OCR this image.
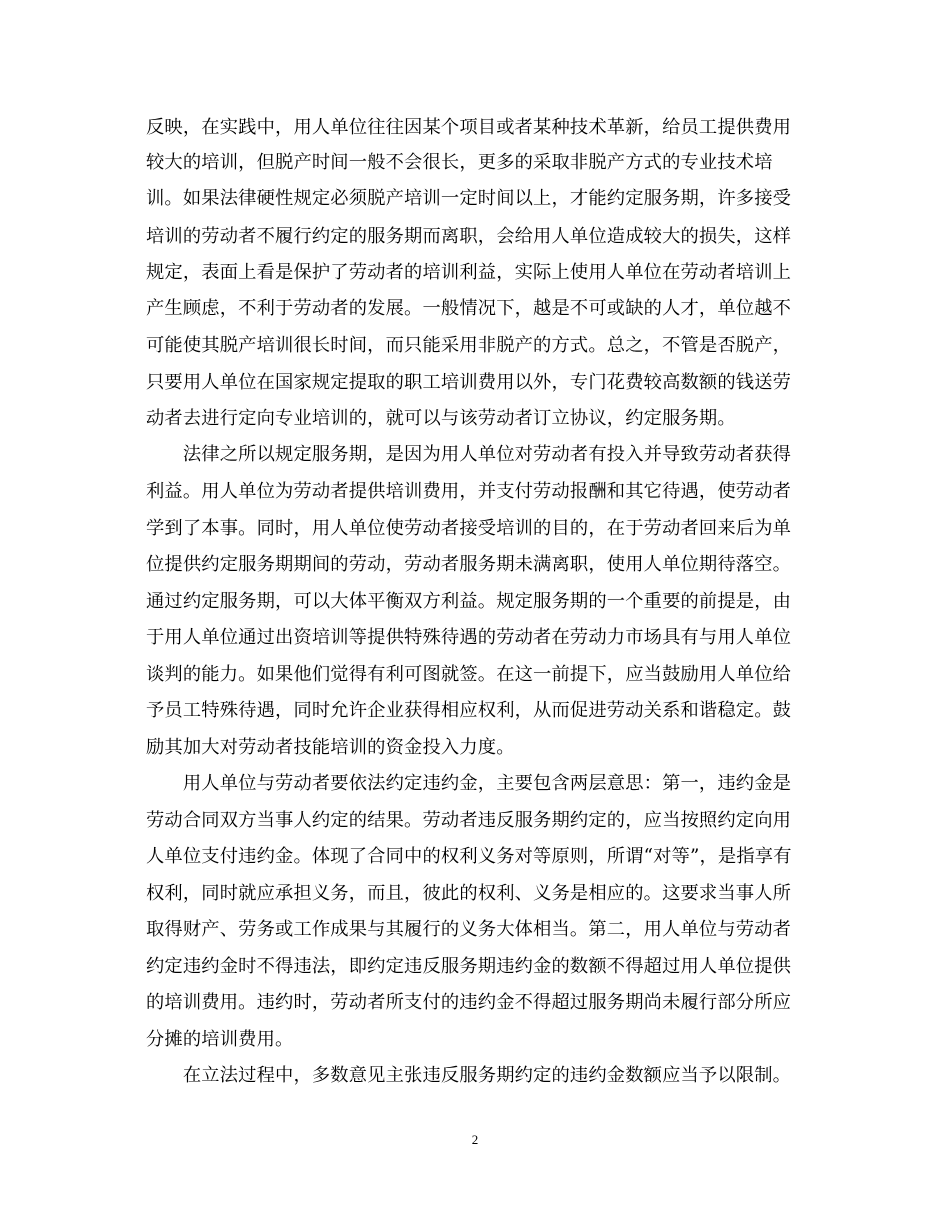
反映，在实践中，用人单位往往因某个项目或者某种技术革新，给员工提供费用
较大的培训，但脱产时间一般不会很长，更多的采取非脱产方式的专业技术培
训。如果法律硬性规定必须脱产培训一定时间以上，才能约定服务期，许多接受
培训的劳动者不履行约定的服务期而离职，会给用人单位造成较大的损失，这样
规定，表面上看是保护了劳动者的培训利益，实际上使用人单位在劳动者培训上
产生顾虑，不利于劳动者的发展。一般情况下，越是不可或缺的人才，单位越不
可能使其脱产培训很长时间，而只能采用非脱产的方式。总之，不管是否脱产，
只要用人单位在国家规定提取的职工培训费用以外，专门花费较高数额的钱送劳
动者去进行定向专业培训的，就可以与该劳动者订立协议，约定服务期。
　　法律之所以规定服务期，是因为用人单位对劳动者有投入并导致劳动者获得
利益。用人单位为劳动者提供培训费用，并支付劳动报酬和其它待遇，使劳动者
学到了本事。同时，用人单位使劳动者接受培训的目的，在于劳动者回来后为单
位提供约定服务期期间的劳动，劳动者服务期未满离职，使用人单位期待落空。
通过约定服务期，可以大体平衡双方利益。规定服务期的一个重要的前提是，由
于用人单位通过出资培训等提供特殊待遇的劳动者在劳动力市场具有与用人单位
谈判的能力。如果他们觉得有利可图就签。在这一前提下，应当鼓励用人单位给
予员工特殊待遇，同时允许企业获得相应权利，从而促进劳动关系和谐稳定。鼓
励其加大对劳动者技能培训的资金投入力度。
　　用人单位与劳动者要依法约定违约金，主要包含两层意思：第一，违约金是
劳动合同双方当事人约定的结果。劳动者违反服务期约定的，应当按照约定向用
人单位支付违约金。体现了合同中的权利义务对等原则，所谓“对等”，是指享有
权利，同时就应承担义务，而且，彼此的权利、义务是相应的。这要求当事人所
取得财产、劳务或工作成果与其履行的义务大体相当。第二，用人单位与劳动者
约定违约金时不得违法，即约定违反服务期违约金的数额不得超过用人单位提供
的培训费用。违约时，劳动者所支付的违约金不得超过服务期尚未履行部分所应
分摊的培训费用。
　　在立法过程中，多数意见主张违反服务期约定的违约金数额应当予以限制。
2
